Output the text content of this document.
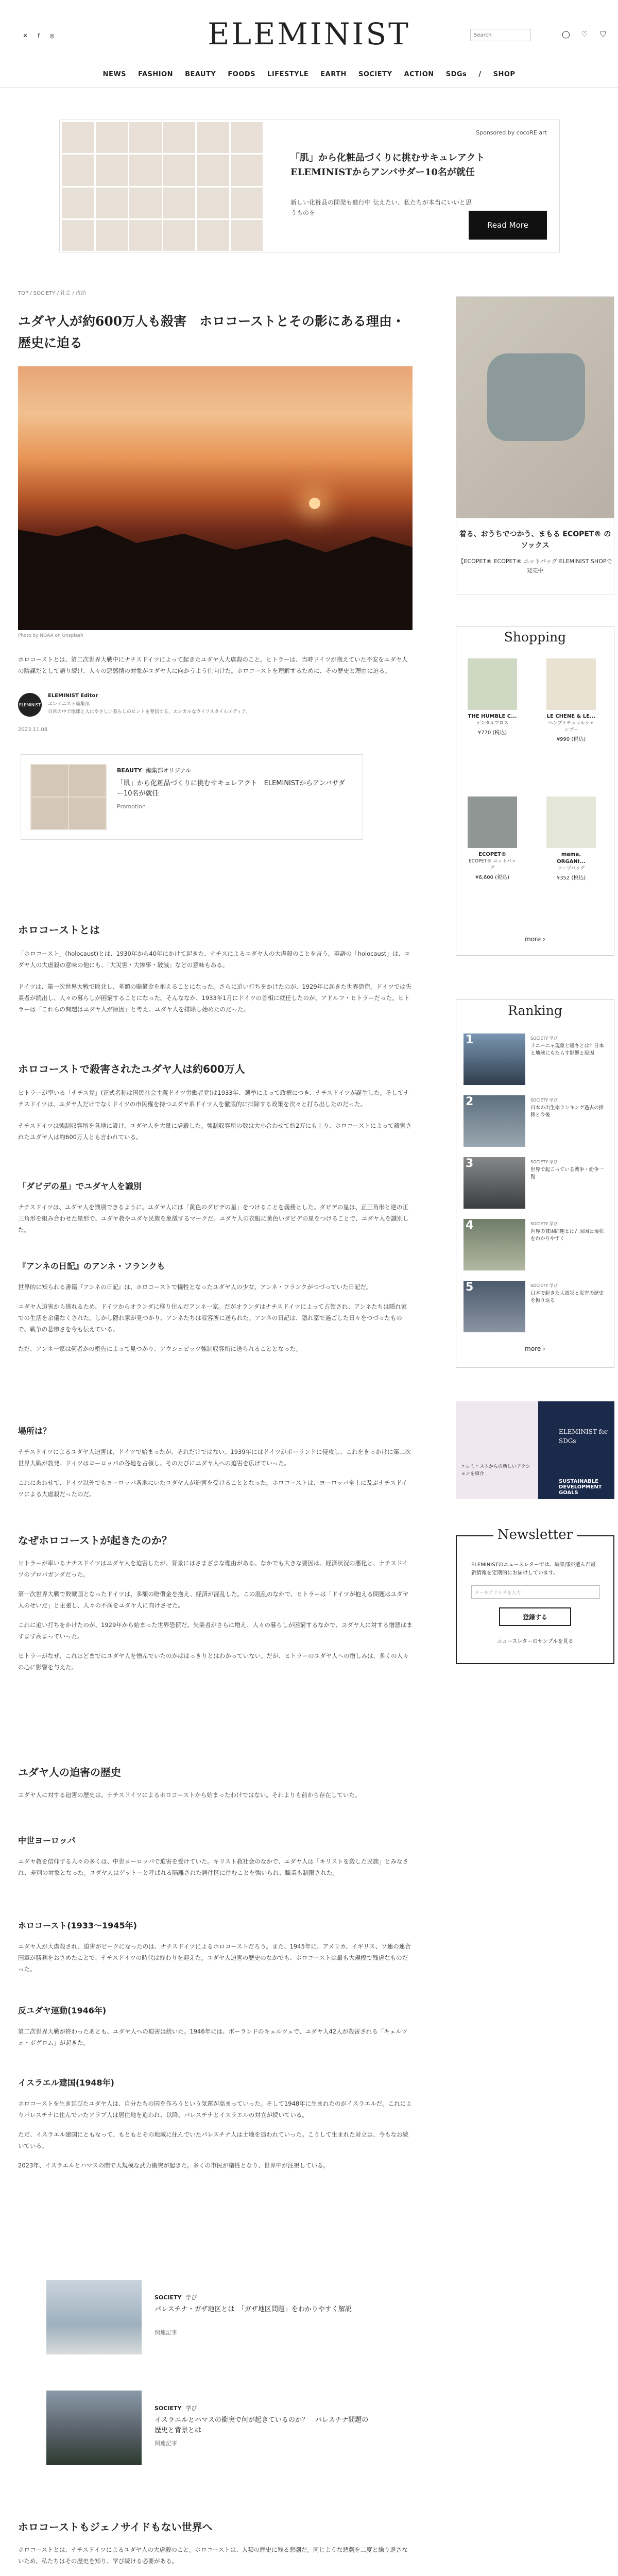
✕	f	◎	ELEMINIST
Search	◯	♡	⛉
NEWS FASHION BEAUTY FOODS LIFESTYLE EARTH SOCIETY ACTION SDGs / SHOP
Sponsored by cocoRE art
「肌」から化粧品づくりに挑むサキュレアクト ELEMINISTからアンバサダー10名が就任
新しい化粧品の開発も進行中 伝えたい、私たちが本当にいいと思うものを
Read More
TOP / SOCIETY / 社会 / 政治
ユダヤ人が約600万人も殺害　ホロコーストとその影にある理由・歴史に迫る
Photo by NOAA on Unsplash

ホロコーストとは、第二次世界大戦中にナチスドイツによって起きたユダヤ人大虐殺のこと。ヒトラーは、当時ドイツが抱えていた不安をユダヤ人の陰謀だとして語り続け、人々の悪感情の対象がユダヤ人に向かうよう仕向けた。ホロコーストを理解するために、その歴史と理由に迫る。

ELEMINIST
ELEMINIST Editor
エレミニスト編集部
日常の中で地球と人にやさしい暮らしのヒントを発信する、エシカルなライフスタイルメディア。
2023.11.08
BEAUTY 編集部オリジナル
「肌」から化粧品づくりに挑むサキュレアクト　ELEMINISTからアンバサダー10名が就任
Promotion
ホロコーストとは

「ホロコースト」(holocaust)とは、1930年から40年にかけて起きた、ナチスによるユダヤ人の大虐殺のことを言う。英語の「holocaust」は、ユダヤ人の大虐殺の意味の他にも、「大災害・大惨事・破滅」などの意味もある。

ドイツは、第一次世界大戦で敗北し、多額の賠償金を抱えることになった。さらに追い打ちをかけたのが、1929年に起きた世界恐慌。ドイツでは失業者が続出し、人々の暮らしが困窮することになった。そんななか、1933年1月にドイツの首相に就任したのが、アドルフ・ヒトラーだった。ヒトラーは「これらの問題はユダヤ人が原因」と考え、ユダヤ人を排除し始めたのだった。

ホロコーストで殺害されたユダヤ人は約600万人

ヒトラーが率いる「ナチス党」(正式名称は国民社会主義ドイツ労働者党)は1933年、選挙によって政権につき、ナチスドイツが誕生した。そしてナチスドイツは、ユダヤ人だけでなくドイツの市民権を持つユダヤ系ドイツ人を徹底的に排除する政策を次々と打ち出したのだった。

ナチスドイツは強制収容所を各地に設け、ユダヤ人を大量に虐殺した。強制収容所の数は大小合わせて約2万にも上り、ホロコーストによって殺害されたユダヤ人は約600万人とも言われている。

「ダビデの星」でユダヤ人を識別

ナチスドイツは、ユダヤ人を識別できるように、ユダヤ人には「黄色のダビデの星」をつけることを義務とした。ダビデの星は、正三角形と逆の正三角形を組み合わせた星形で、ユダヤ教やユダヤ民族を象徴するマークだ。ユダヤ人の衣服に黄色いダビデの星をつけることで、ユダヤ人を識別した。

『アンネの日記』のアンネ・フランクも

世界的に知られる書籍『アンネの日記』は、ホロコーストで犠牲となったユダヤ人の少女、アンネ・フランクがつづっていた日記だ。

ユダヤ人迫害から逃れるため、ドイツからオランダに移り住んだアンネ一家。だがオランダはナチスドイツによって占領され、アンネたちは隠れ家での生活を余儀なくされた。しかし隠れ家が見つかり、アンネたちは収容所に送られた。アンネの日記は、隠れ家で過ごした日々をつづったもので、戦争の悲惨さを今も伝えている。

ただ、アンネ一家は何者かの密告によって見つかり、アウシュビッツ強制収容所に送られることとなった。

場所は？

ナチスドイツによるユダヤ人迫害は、ドイツで始まったが、それだけではない。1939年にはドイツがポーランドに侵攻し、これをきっかけに第二次世界大戦が勃発。ドイツはヨーロッパの各地を占領し、そのたびにユダヤ人への迫害を広げていった。

これにあわせて、ドイツ以外でもヨーロッパ各地にいたユダヤ人が迫害を受けることとなった。ホロコーストは、ヨーロッパ全土に及ぶナチスドイツによる大虐殺だったのだ。

なぜホロコーストが起きたのか？

ヒトラーが率いるナチスドイツはユダヤ人を迫害したが、背景にはさまざまな理由がある。なかでも大きな要因は、経済状況の悪化と、ナチスドイツのプロパガンダだった。

第一次世界大戦で敗戦国となったドイツは、多額の賠償金を抱え、経済が混乱した。この混乱のなかで、ヒトラーは「ドイツが抱える問題はユダヤ人のせいだ」と主張し、人々の不満をユダヤ人に向けさせた。

これに追い打ちをかけたのが、1929年から始まった世界恐慌だ。失業者がさらに増え、人々の暮らしが困窮するなかで、ユダヤ人に対する憎悪はますます高まっていった。

ヒトラーがなぜ、これほどまでにユダヤ人を憎んでいたのかははっきりとはわかっていない。だが、ヒトラーのユダヤ人への憎しみは、多くの人々の心に影響を与えた。

ユダヤ人の迫害の歴史

ユダヤ人に対する迫害の歴史は、ナチスドイツによるホロコーストから始まったわけではない。それよりも前から存在していた。

中世ヨーロッパ

ユダヤ教を信仰する人々の多くは、中世ヨーロッパで迫害を受けていた。キリスト教社会のなかで、ユダヤ人は「キリストを殺した民族」とみなされ、差別の対象となった。ユダヤ人はゲットーと呼ばれる隔離された居住区に住むことを強いられ、職業も制限された。

ホロコースト(1933〜1945年)

ユダヤ人が大虐殺され、迫害がピークになったのは、ナチスドイツによるホロコーストだろう。また、1945年に、アメリカ、イギリス、ソ連の連合国軍が勝利をおさめたことで、ナチスドイツの時代は終わりを迎えた。ユダヤ人迫害の歴史のなかでも、ホロコーストは最も大規模で残虐なものだった。

反ユダヤ運動(1946年)

第二次世界大戦が終わったあとも、ユダヤ人への迫害は続いた。1946年には、ポーランドのキェルツェで、ユダヤ人42人が殺害される「キェルツェ・ポグロム」が起きた。

イスラエル建国(1948年)

ホロコーストを生き延びたユダヤ人は、自分たちの国を作ろうという気運が高まっていった。そして1948年に生まれたのがイスラエルだ。これによりパレスチナに住んでいたアラブ人は居住地を追われ、以降、パレスチナとイスラエルの対立が続いている。

ただ、イスラエル建国にともなって、もともとその地域に住んでいたパレスチナ人は土地を追われていった。こうして生まれた対立は、今もなお続いている。

2023年、イスラエルとハマスの間で大規模な武力衝突が起きた。多くの市民が犠牲となり、世界中が注視している。

SOCIETY 学び
パレスチナ・ガザ地区とは　「ガザ地区問題」をわかりやすく解説
関連記事
SOCIETY 学び
イスラエルとハマスの衝突で何が起きているのか？　パレスチナ問題の歴史と背景とは
関連記事
ホロコーストもジェノサイドもない世界へ

ホロコーストとは、ナチスドイツによるユダヤ人の大虐殺のこと。ホロコーストは、人類の歴史に残る悲劇だ。同じような悲劇を二度と繰り返さないため、私たちはその歴史を知り、学び続ける必要がある。

着る、おうちでつかう、まもる ECOPET® のソックス
【ECOPET® ECOPET® ニットバッグ ELEMINIST SHOPで発売中
Shopping
THE HUMBLE C...
デンタルフロス
¥770 (税込)
LE CHENE & LE...
ヘンプナチュラルシャンプー
¥990 (税込)
ECOPET®
ECOPET® ニットバッグ
¥6,600 (税込)
mama. ORGANI...
ソープバッグ
¥352 (税込)
more ›
Ranking
1	SOCIETY 学び
ラニーニャ現象と暖冬とは？日本と地球にもたらす影響と原因
2	SOCIETY 学び
日本の出生率ランキング過去の推移と今後
3	SOCIETY 学び
世界で起こっている戦争・紛争一覧
4	SOCIETY 学び
世界の貧困問題とは？原因と現状をわかりやすく
5	SOCIETY 学び
日本で起きた大震災と災害の歴史を振り返る
more ›
エレミニストからの新しいアクションを紹介
ELEMINIST for SDGs
SUSTAINABLE DEVELOPMENT GOALS
Newsletter
ELEMINISTのニュースレターでは、編集部が選んだ最新情報を定期的にお届けしています。
メールアドレスを入力
登録する
ニュースレターのサンプルを見る
